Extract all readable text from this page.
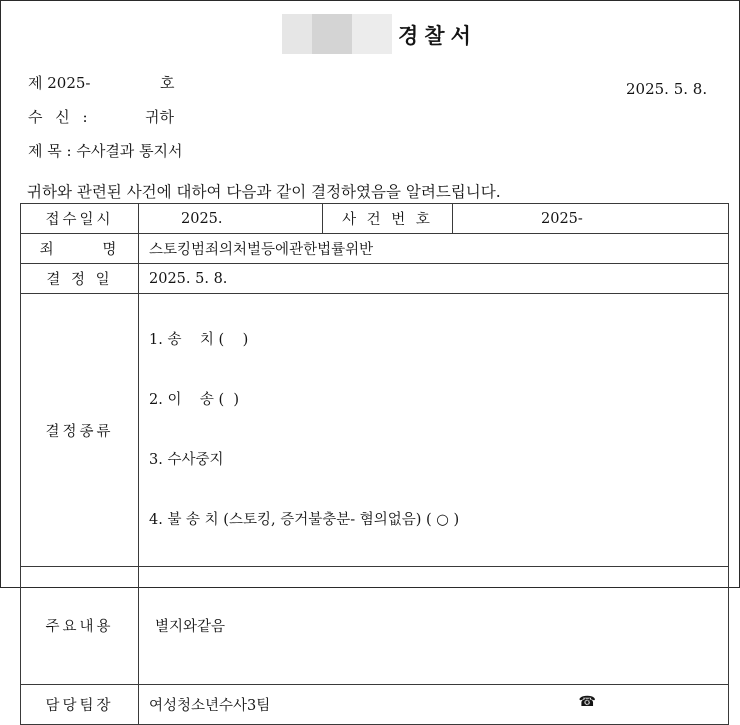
경찰서
제 2025-	호	2025. 5. 8.
수 신 :	귀하
제 목 : 수사결과 통지서
귀하와 관련된 사건에 대하여 다음과 같이 결정하였음을 알려드립니다.
접수일시	2025.	사 건 번 호	2025-
죄      명	스토킹범죄의처벌등에관한법률위반		
결 정 일	2025. 5. 8.		
결정종류	1. 송    치 (    )

2. 이    송 (  )

3. 수사중지

4. 불 송 치 (스토킹, 증거불충분- 혐의없음) ( ○ )		

주요내용	별지와같음		
담당팀장	여성청소년수사3팀 ☎		
